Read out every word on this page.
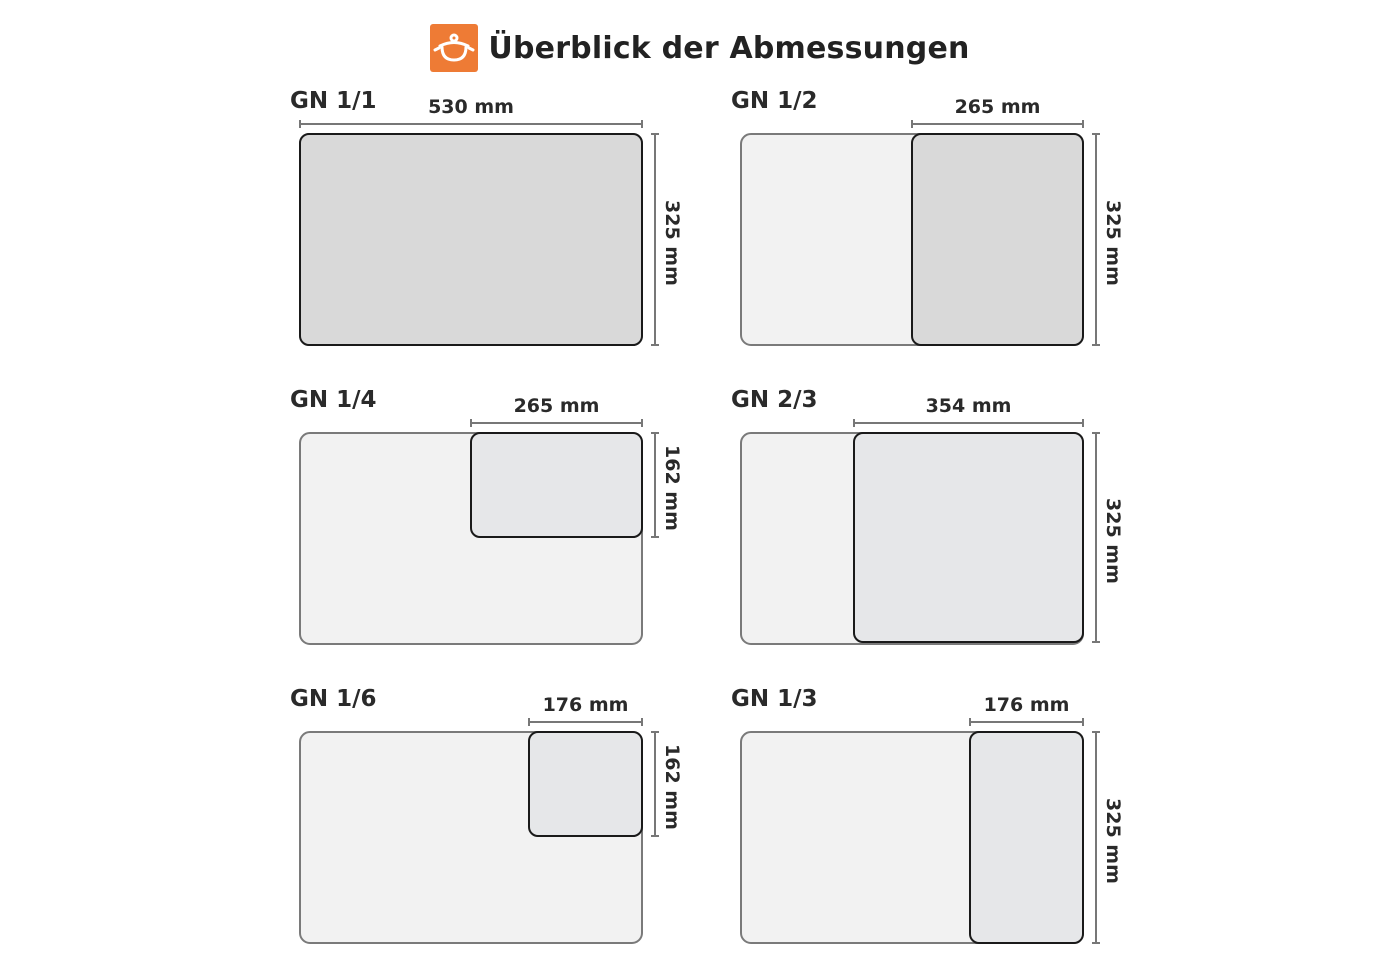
Überblick der Abmessungen
GN 1/1	530 mm
325 mm
GN 1/2	265 mm
325 mm
GN 1/4	265 mm
162 mm
GN 2/3	354 mm
325 mm
GN 1/6	176 mm
162 mm
GN 1/3	176 mm
325 mm
